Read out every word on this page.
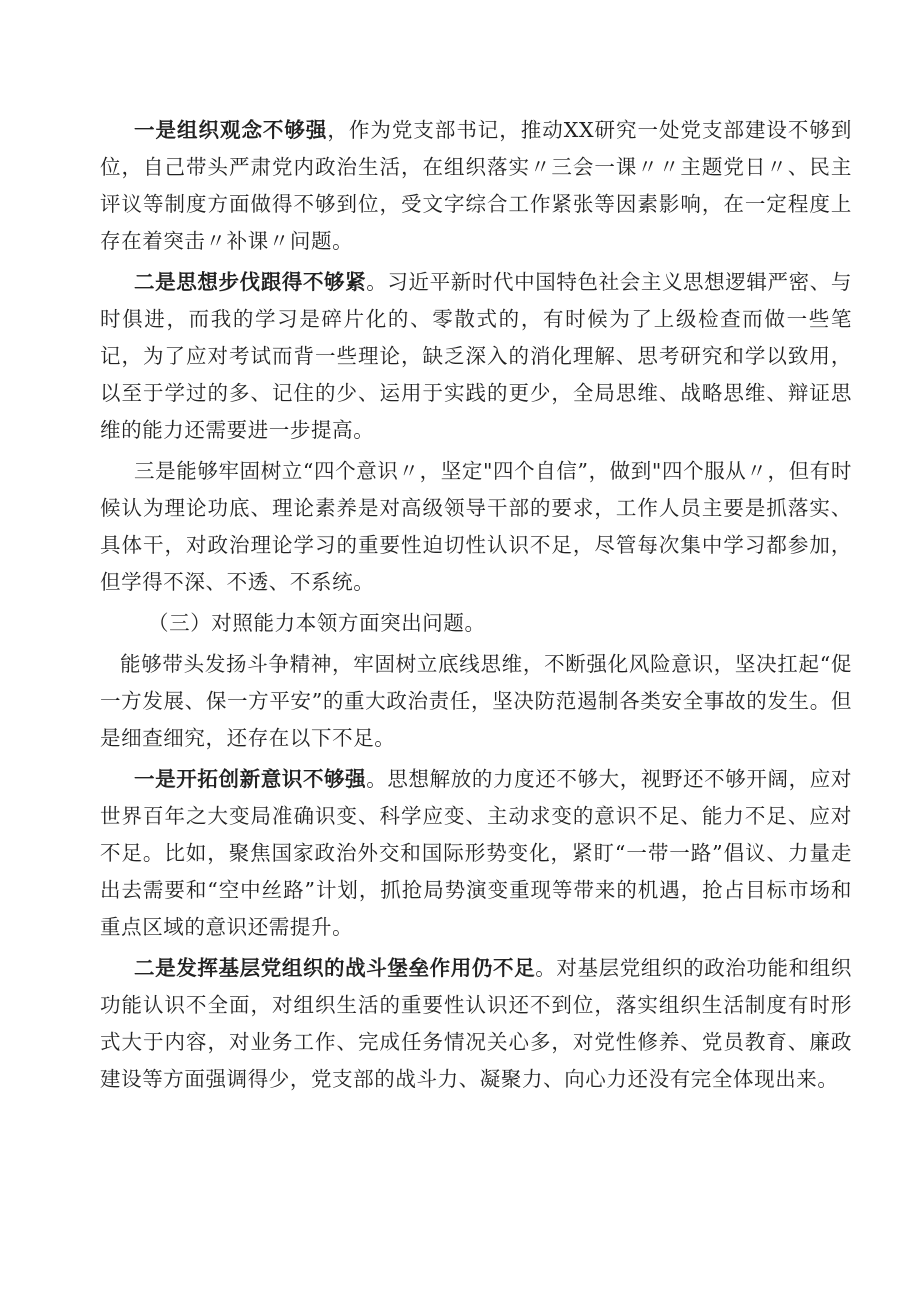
一是组织观念不够强，作为党支部书记，推动XX研究一处党支部建设不够到位，自己带头严肃党内政治生活，在组织落实〃三会一课〃〃主题党日〃、民主评议等制度方面做得不够到位，受文字综合工作紧张等因素影响，在一定程度上存在着突击〃补课〃问题。

二是思想步伐跟得不够紧。习近平新时代中国特色社会主义思想逻辑严密、与时俱进，而我的学习是碎片化的、零散式的，有时候为了上级检查而做一些笔记，为了应对考试而背一些理论，缺乏深入的消化理解、思考研究和学以致用，以至于学过的多、记住的少、运用于实践的更少，全局思维、战略思维、辩证思维的能力还需要进一步提高。

三是能够牢固树立“四个意识〃，坚定"四个自信”，做到"四个服从〃，但有时候认为理论功底、理论素养是对高级领导干部的要求，工作人员主要是抓落实、具体干，对政治理论学习的重要性迫切性认识不足，尽管每次集中学习都参加，但学得不深、不透、不系统。

（三）对照能力本领方面突出问题。

能够带头发扬斗争精神，牢固树立底线思维，不断强化风险意识，坚决扛起“促一方发展、保一方平安”的重大政治责任，坚决防范遏制各类安全事故的发生。但是细查细究，还存在以下不足。

一是开拓创新意识不够强。思想解放的力度还不够大，视野还不够开阔，应对世界百年之大变局准确识变、科学应变、主动求变的意识不足、能力不足、应对不足。比如，聚焦国家政治外交和国际形势变化，紧盯“一带一路”倡议、力量走出去需要和“空中丝路”计划，抓抢局势演变重现等带来的机遇，抢占目标市场和重点区域的意识还需提升。

二是发挥基层党组织的战斗堡垒作用仍不足。对基层党组织的政治功能和组织功能认识不全面，对组织生活的重要性认识还不到位，落实组织生活制度有时形式大于内容，对业务工作、完成任务情况关心多，对党性修养、党员教育、廉政建设等方面强调得少，党支部的战斗力、凝聚力、向心力还没有完全体现出来。
